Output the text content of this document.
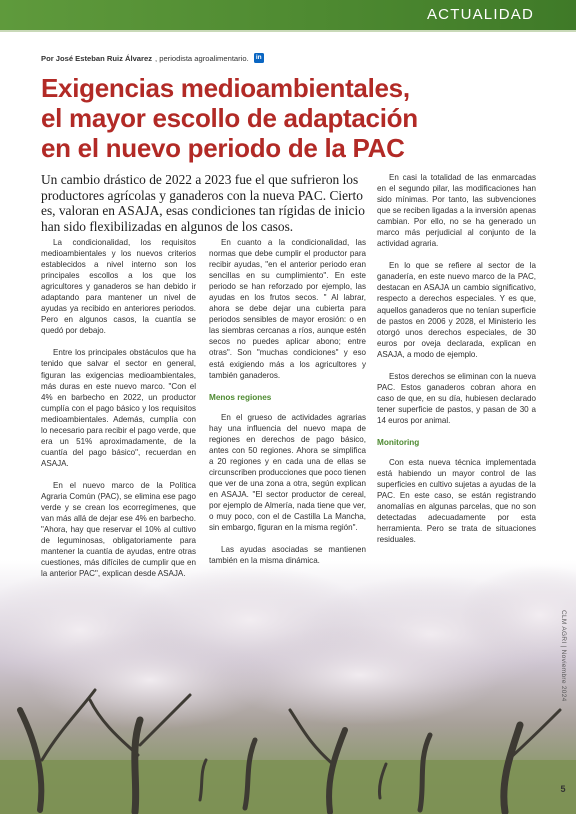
ACTUALIDAD
Por José Esteban Ruiz Álvarez , periodista agroalimentario.	in
Exigencias medioambientales,
el mayor escollo de adaptación
en el nuevo periodo de la PAC

Un cambio drástico de 2022 a 2023 fue el que sufrieron los productores agrícolas y ganaderos con la nueva PAC. Cierto es, valoran en ASAJA, esas condiciones tan rígidas de inicio han sido flexibilizadas en algunos de los casos.

La condicionalidad, los requisitos medioambientales y los nuevos criterios establecidos a nivel interno son los principales escollos a los que los agricultores y ganaderos se han debido ir adaptando para mantener un nivel de ayudas ya recibido en anteriores periodos. Pero en algunos casos, la cuantía se quedó por debajo.

Entre los principales obstáculos que ha tenido que salvar el sector en general, figuran las exigencias medioambientales, más duras en este nuevo marco. "Con el 4% en barbecho en 2022, un productor cumplía con el pago básico y los requisitos medioambientales. Además, cumplía con lo necesario para recibir el pago verde, que era un 51% aproximadamente, de la cuantía del pago básico", recuerdan en ASAJA.

En el nuevo marco de la Política Agraria Común (PAC), se elimina ese pago verde y se crean los ecorregímenes, que van más allá de dejar ese 4% en barbecho. "Ahora, hay que reservar el 10% al cultivo de leguminosas, obligatoriamente para mantener la cuantía de ayudas, entre otras cuestiones, más difíciles de cumplir que en la anterior PAC", explican desde ASAJA.

En cuanto a la condicionalidad, las normas que debe cumplir el productor para recibir ayudas, "en el anterior periodo eran sencillas en su cumplimiento". En este periodo se han reforzado por ejemplo, las ayudas en los frutos secos. " Al labrar, ahora se debe dejar una cubierta para periodos sensibles de mayor erosión: o en las siembras cercanas a ríos, aunque estén secos no puedes aplicar abono; entre otras". Son "muchas condiciones" y eso está exigiendo más a los agricultores y también ganaderos.

Menos regiones

En el grueso de actividades agrarias hay una influencia del nuevo mapa de regiones en derechos de pago básico, antes con 50 regiones. Ahora se simplifica a 20 regiones y en cada una de ellas se circunscriben producciones que poco tienen que ver de una zona a otra, según explican en ASAJA. "El sector productor de cereal, por ejemplo de Almería, nada tiene que ver, o muy poco, con el de Castilla La Mancha, sin embargo, figuran en la misma región".

Las ayudas asociadas se mantienen también en la misma dinámica.

En casi la totalidad de las enmarcadas en el segundo pilar, las modificaciones han sido mínimas. Por tanto, las subvenciones que se reciben ligadas a la inversión apenas cambian. Por ello, no se ha generado un marco más perjudicial al conjunto de la actividad agraria.

En lo que se refiere al sector de la ganadería, en este nuevo marco de la PAC, destacan en ASAJA un cambio significativo, respecto a derechos especiales. Y es que, aquellos ganaderos que no tenían superficie de pastos en 2006 y 2028, el Ministerio les otorgó unos derechos especiales, de 30 euros por oveja declarada, explican en ASAJA, a modo de ejemplo.

Estos derechos se eliminan con la nueva PAC. Estos ganaderos cobran ahora en caso de que, en su día, hubiesen declarado tener superficie de pastos, y pasan de 30 a 14 euros por animal.

Monitoring

Con esta nueva técnica implementada está habiendo un mayor control de las superficies en cultivo sujetas a ayudas de la PAC. En este caso, se están registrando anomalías en algunas parcelas, que no son detectadas adecuadamente por esta herramienta. Pero se trata de situaciones residuales.

CLM AGRI | Noviembre 2024
5
